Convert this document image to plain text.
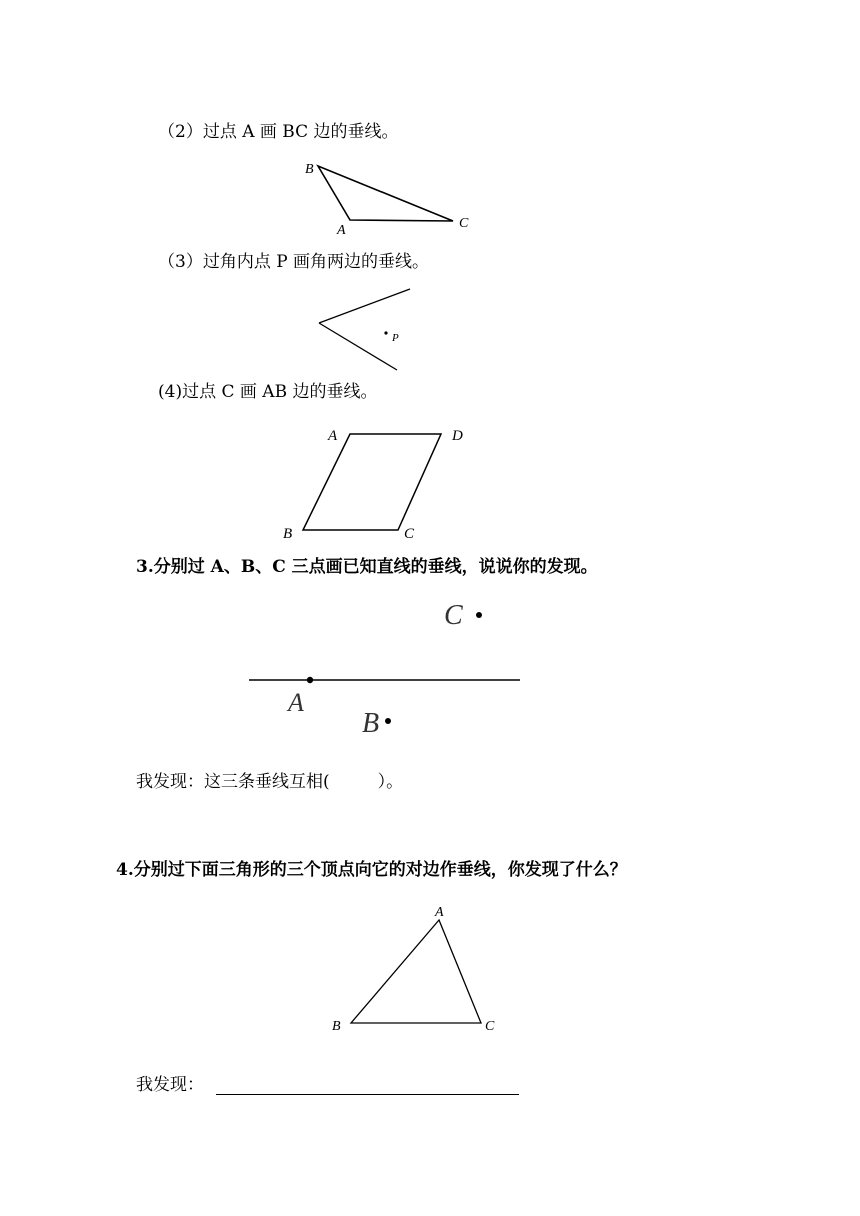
（2）过点 A 画 BC 边的垂线。

B
A	C

（3）过角内点 P 画角两边的垂线。

P

(4)过点 C 画 AB 边的垂线。

A	D
B	C

3.分别过 A、B、C 三点画已知直线的垂线，说说你的发现。

C
A
B
我发现：这三条垂线互相(	）。

4.分别过下面三角形的三个顶点向它的对边作垂线，你发现了什么？

A
B	C

我发现：
